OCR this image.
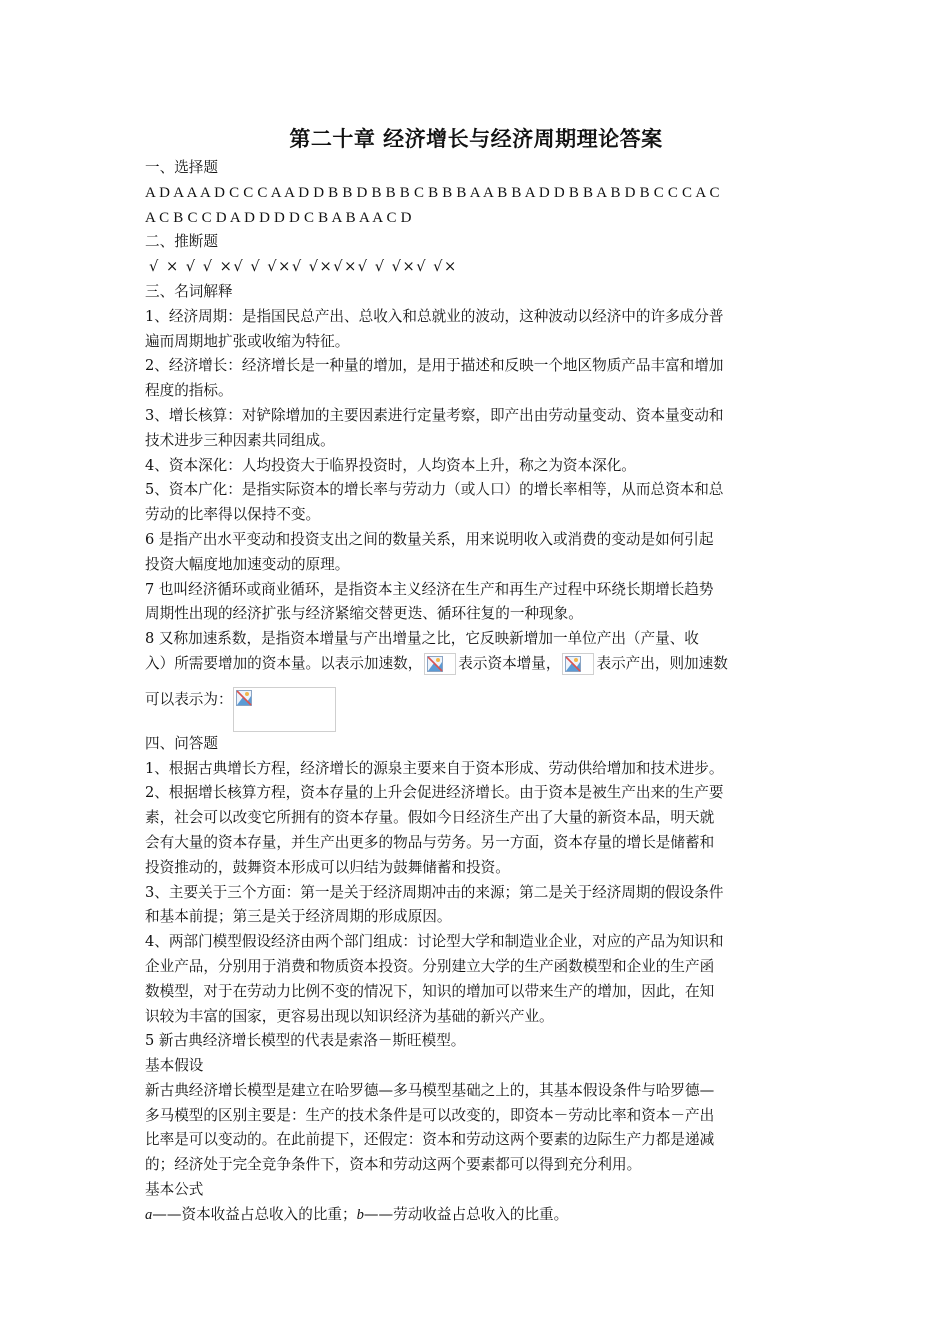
第二十章 经济增长与经济周期理论答案

一、选择题

A D A A A D C C C A A D D B B D B B B C B B B A A B B A D D B B A B D B C C C A C

A C B C C D A D D D D C B A B A A C D

二、推断题

√ × √ √ ×√ √ √×√ √×√×√ √ √×√ √×

三、名词解释

1、经济周期：是指国民总产出、总收入和总就业的波动，这种波动以经济中的许多成分普

遍而周期地扩张或收缩为特征。

2、经济增长：经济增长是一种量的增加，是用于描述和反映一个地区物质产品丰富和增加

程度的指标。

3、增长核算：对铲除增加的主要因素进行定量考察，即产出由劳动量变动、资本量变动和

技术进步三种因素共同组成。

4、资本深化：人均投资大于临界投资时，人均资本上升，称之为资本深化。

5、资本广化：是指实际资本的增长率与劳动力（或人口）的增长率相等，从而总资本和总

劳动的比率得以保持不变。

6 是指产出水平变动和投资支出之间的数量关系，用来说明收入或消费的变动是如何引起

投资大幅度地加速变动的原理。

7 也叫经济循环或商业循环，是指资本主义经济在生产和再生产过程中环绕长期增长趋势

周期性出现的经济扩张与经济紧缩交替更迭、循环往复的一种现象。

8 又称加速系数，是指资本增量与产出增量之比，它反映新增加一单位产出（产量、收

入）所需要增加的资本量。以表示加速数， 表示资本增量， 表示产出，则加速数

可以表示为：

四、问答题

1、根据古典增长方程，经济增长的源泉主要来自于资本形成、劳动供给增加和技术进步。

2、根据增长核算方程，资本存量的上升会促进经济增长。由于资本是被生产出来的生产要

素，社会可以改变它所拥有的资本存量。假如今日经济生产出了大量的新资本品，明天就

会有大量的资本存量，并生产出更多的物品与劳务。另一方面，资本存量的增长是储蓄和

投资推动的，鼓舞资本形成可以归结为鼓舞储蓄和投资。

3、主要关于三个方面：第一是关于经济周期冲击的来源；第二是关于经济周期的假设条件

和基本前提；第三是关于经济周期的形成原因。

4、两部门模型假设经济由两个部门组成：讨论型大学和制造业企业，对应的产品为知识和

企业产品，分别用于消费和物质资本投资。分别建立大学的生产函数模型和企业的生产函

数模型，对于在劳动力比例不变的情况下，知识的增加可以带来生产的增加，因此，在知

识较为丰富的国家，更容易出现以知识经济为基础的新兴产业。

5 新古典经济增长模型的代表是索洛－斯旺模型。

基本假设

新古典经济增长模型是建立在哈罗德—多马模型基础之上的，其基本假设条件与哈罗德—

多马模型的区别主要是：生产的技术条件是可以改变的，即资本－劳动比率和资本－产出

比率是可以变动的。在此前提下，还假定：资本和劳动这两个要素的边际生产力都是递减

的；经济处于完全竞争条件下，资本和劳动这两个要素都可以得到充分利用。

基本公式

a——资本收益占总收入的比重；b——劳动收益占总收入的比重。
